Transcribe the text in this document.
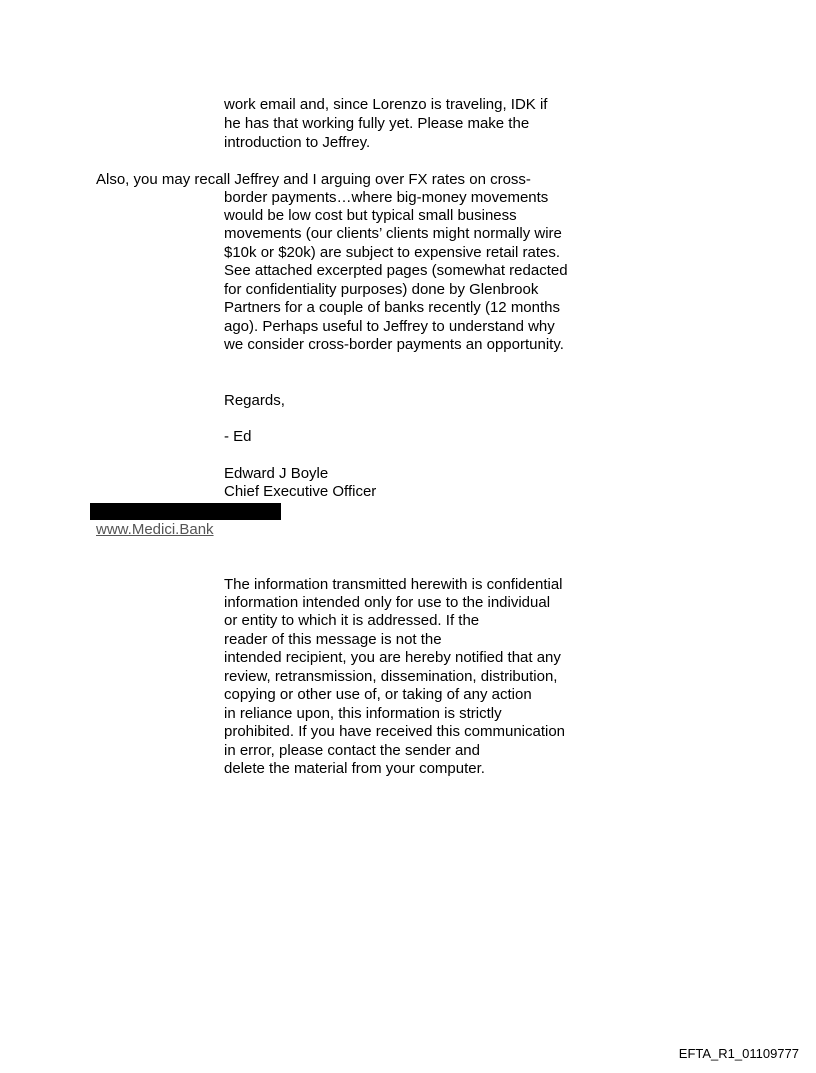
work email and, since Lorenzo is traveling, IDK if
he has that working fully yet. Please make the
introduction to Jeffrey.
Also, you may recall Jeffrey and I arguing over FX rates on cross-
border payments…where big-money movements
would be low cost but typical small business
movements (our clients’ clients might normally wire
$10k or $20k) are subject to expensive retail rates.
See attached excerpted pages (somewhat redacted
for confidentiality purposes) done by Glenbrook
Partners for a couple of banks recently (12 months
ago). Perhaps useful to Jeffrey to understand why
we consider cross-border payments an opportunity.
Regards,
- Ed
Edward J Boyle
Chief Executive Officer
www.Medici.Bank
The information transmitted herewith is confidential
information intended only for use to the individual
or entity to which it is addressed. If the
reader of this message is not the
intended recipient, you are hereby notified that any
review, retransmission, dissemination, distribution,
copying or other use of, or taking of any action
in reliance upon, this information is strictly
prohibited. If you have received this communication
in error, please contact the sender and
delete the material from your computer.
EFTA_R1_01109777
